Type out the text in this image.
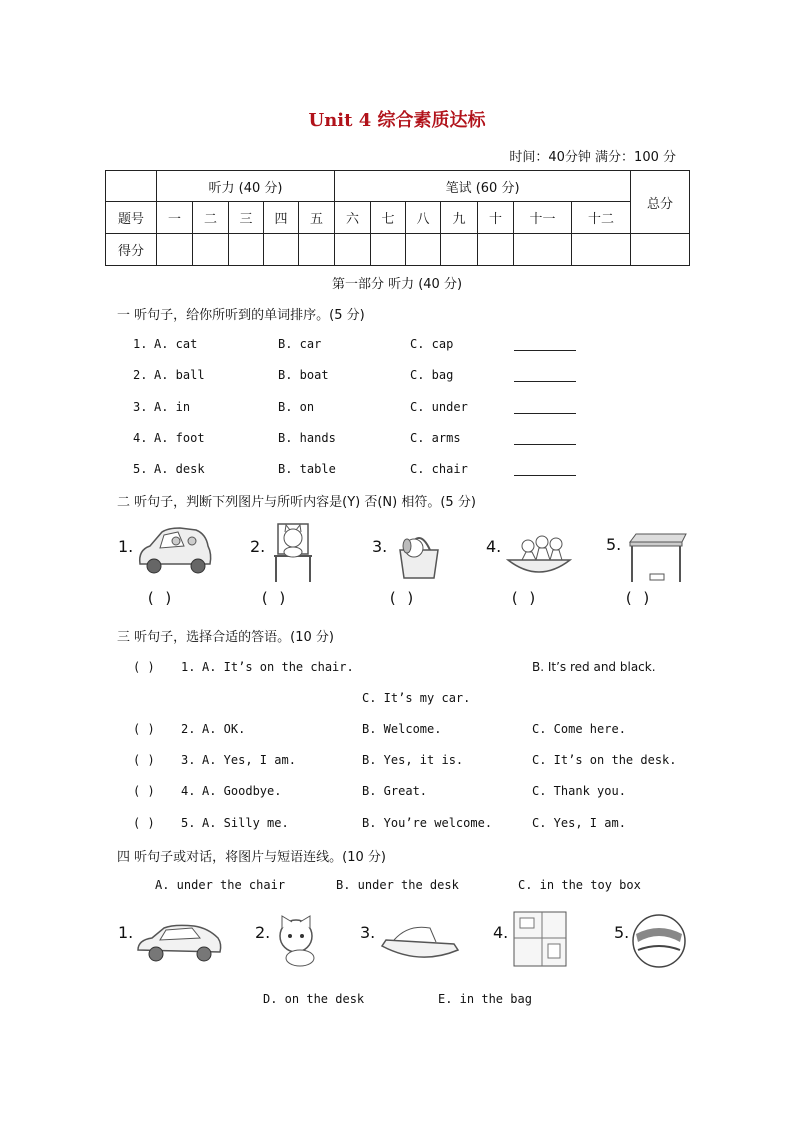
Unit 4 综合素质达标
时间：40分钟 满分：100 分
	听力 (40 分)					笔试 (60 分)							总分
题号	一	二	三	四	五	六	七	八	九	十	十一	十二	
得分													
第一部分 听力 (40 分)
一 听句子，给你所听到的单词排序。(5 分)
1. A. cat	B. car	C. cap
2. A. ball	B. boat	C. bag
3. A. in	B. on	C. under
4. A. foot	B. hands	C. arms
5. A. desk	B. table	C. chair
二 听句子，判断下列图片与所听内容是(Y) 否(N) 相符。(5 分)
1.	2.	3.	4.	5.
( )	( )	( )	( )	( )
三 听句子，选择合适的答语。(10 分)
( ) 1. A. It’s on the chair.	B. It’s red and black.
C. It’s my car.
( ) 2. A. OK.	B. Welcome.	C. Come here.
( ) 3. A. Yes, I am.	B. Yes, it is.	C. It’s on the desk.
( ) 4. A. Goodbye.	B. Great.	C. Thank you.
( ) 5. A. Silly me.	B. You’re welcome.	C. Yes, I am.
四 听句子或对话，将图片与短语连线。(10 分)
A. under the chair	B. under the desk	C. in the toy box
1.	2.	3.	4.	5.
D. on the desk	E. in the bag
